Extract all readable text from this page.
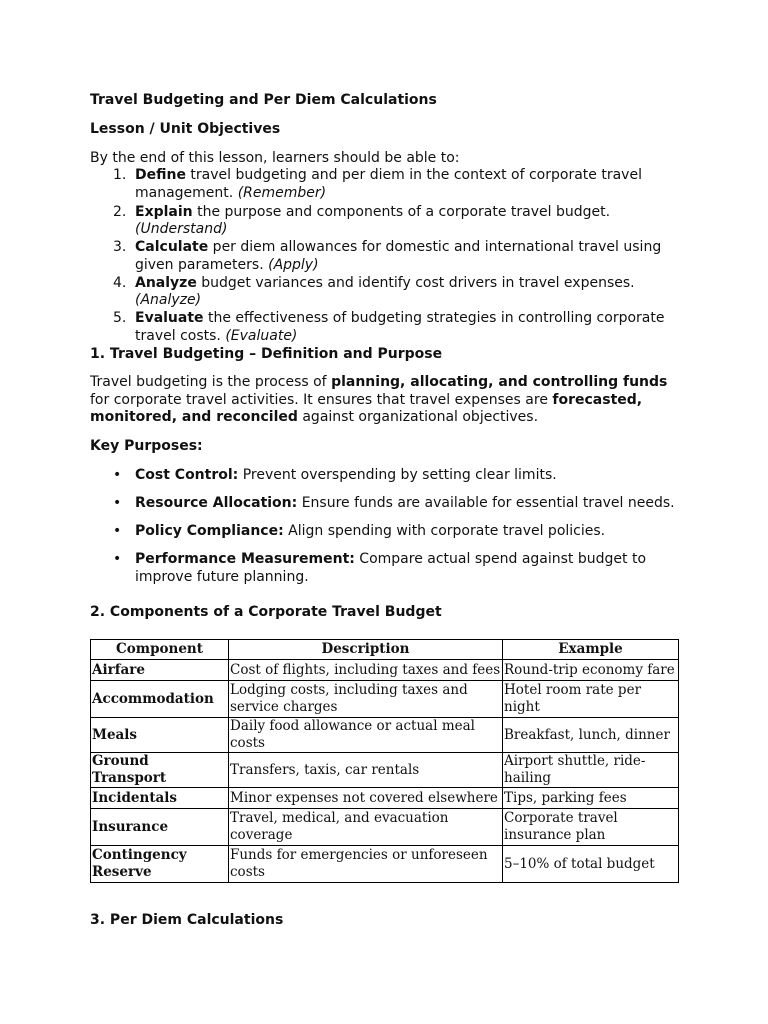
Travel Budgeting and Per Diem Calculations
Lesson / Unit Objectives
By the end of this lesson, learners should be able to:
1. Define travel budgeting and per diem in the context of corporate travel
management. (Remember)
2. Explain the purpose and components of a corporate travel budget.
(Understand)
3. Calculate per diem allowances for domestic and international travel using
given parameters. (Apply)
4. Analyze budget variances and identify cost drivers in travel expenses.
(Analyze)
5. Evaluate the effectiveness of budgeting strategies in controlling corporate
travel costs. (Evaluate)
1. Travel Budgeting – Definition and Purpose
Travel budgeting is the process of planning, allocating, and controlling funds
for corporate travel activities. It ensures that travel expenses are forecasted,
monitored, and reconciled against organizational objectives.
Key Purposes:
• Cost Control: Prevent overspending by setting clear limits.
• Resource Allocation: Ensure funds are available for essential travel needs.
• Policy Compliance: Align spending with corporate travel policies.
• Performance Measurement: Compare actual spend against budget to
improve future planning.
2. Components of a Corporate Travel Budget
Component	Description	Example
Airfare	Cost of flights, including taxes and fees	Round-trip economy fare
Accommodation	Lodging costs, including taxes and service charges	Hotel room rate per night
Meals	Daily food allowance or actual meal costs	Breakfast, lunch, dinner
Ground Transport	Transfers, taxis, car rentals	Airport shuttle, ride-hailing
Incidentals	Minor expenses not covered elsewhere	Tips, parking fees
Insurance	Travel, medical, and evacuation coverage	Corporate travel insurance plan
Contingency Reserve	Funds for emergencies or unforeseen costs	5–10% of total budget
3. Per Diem Calculations
